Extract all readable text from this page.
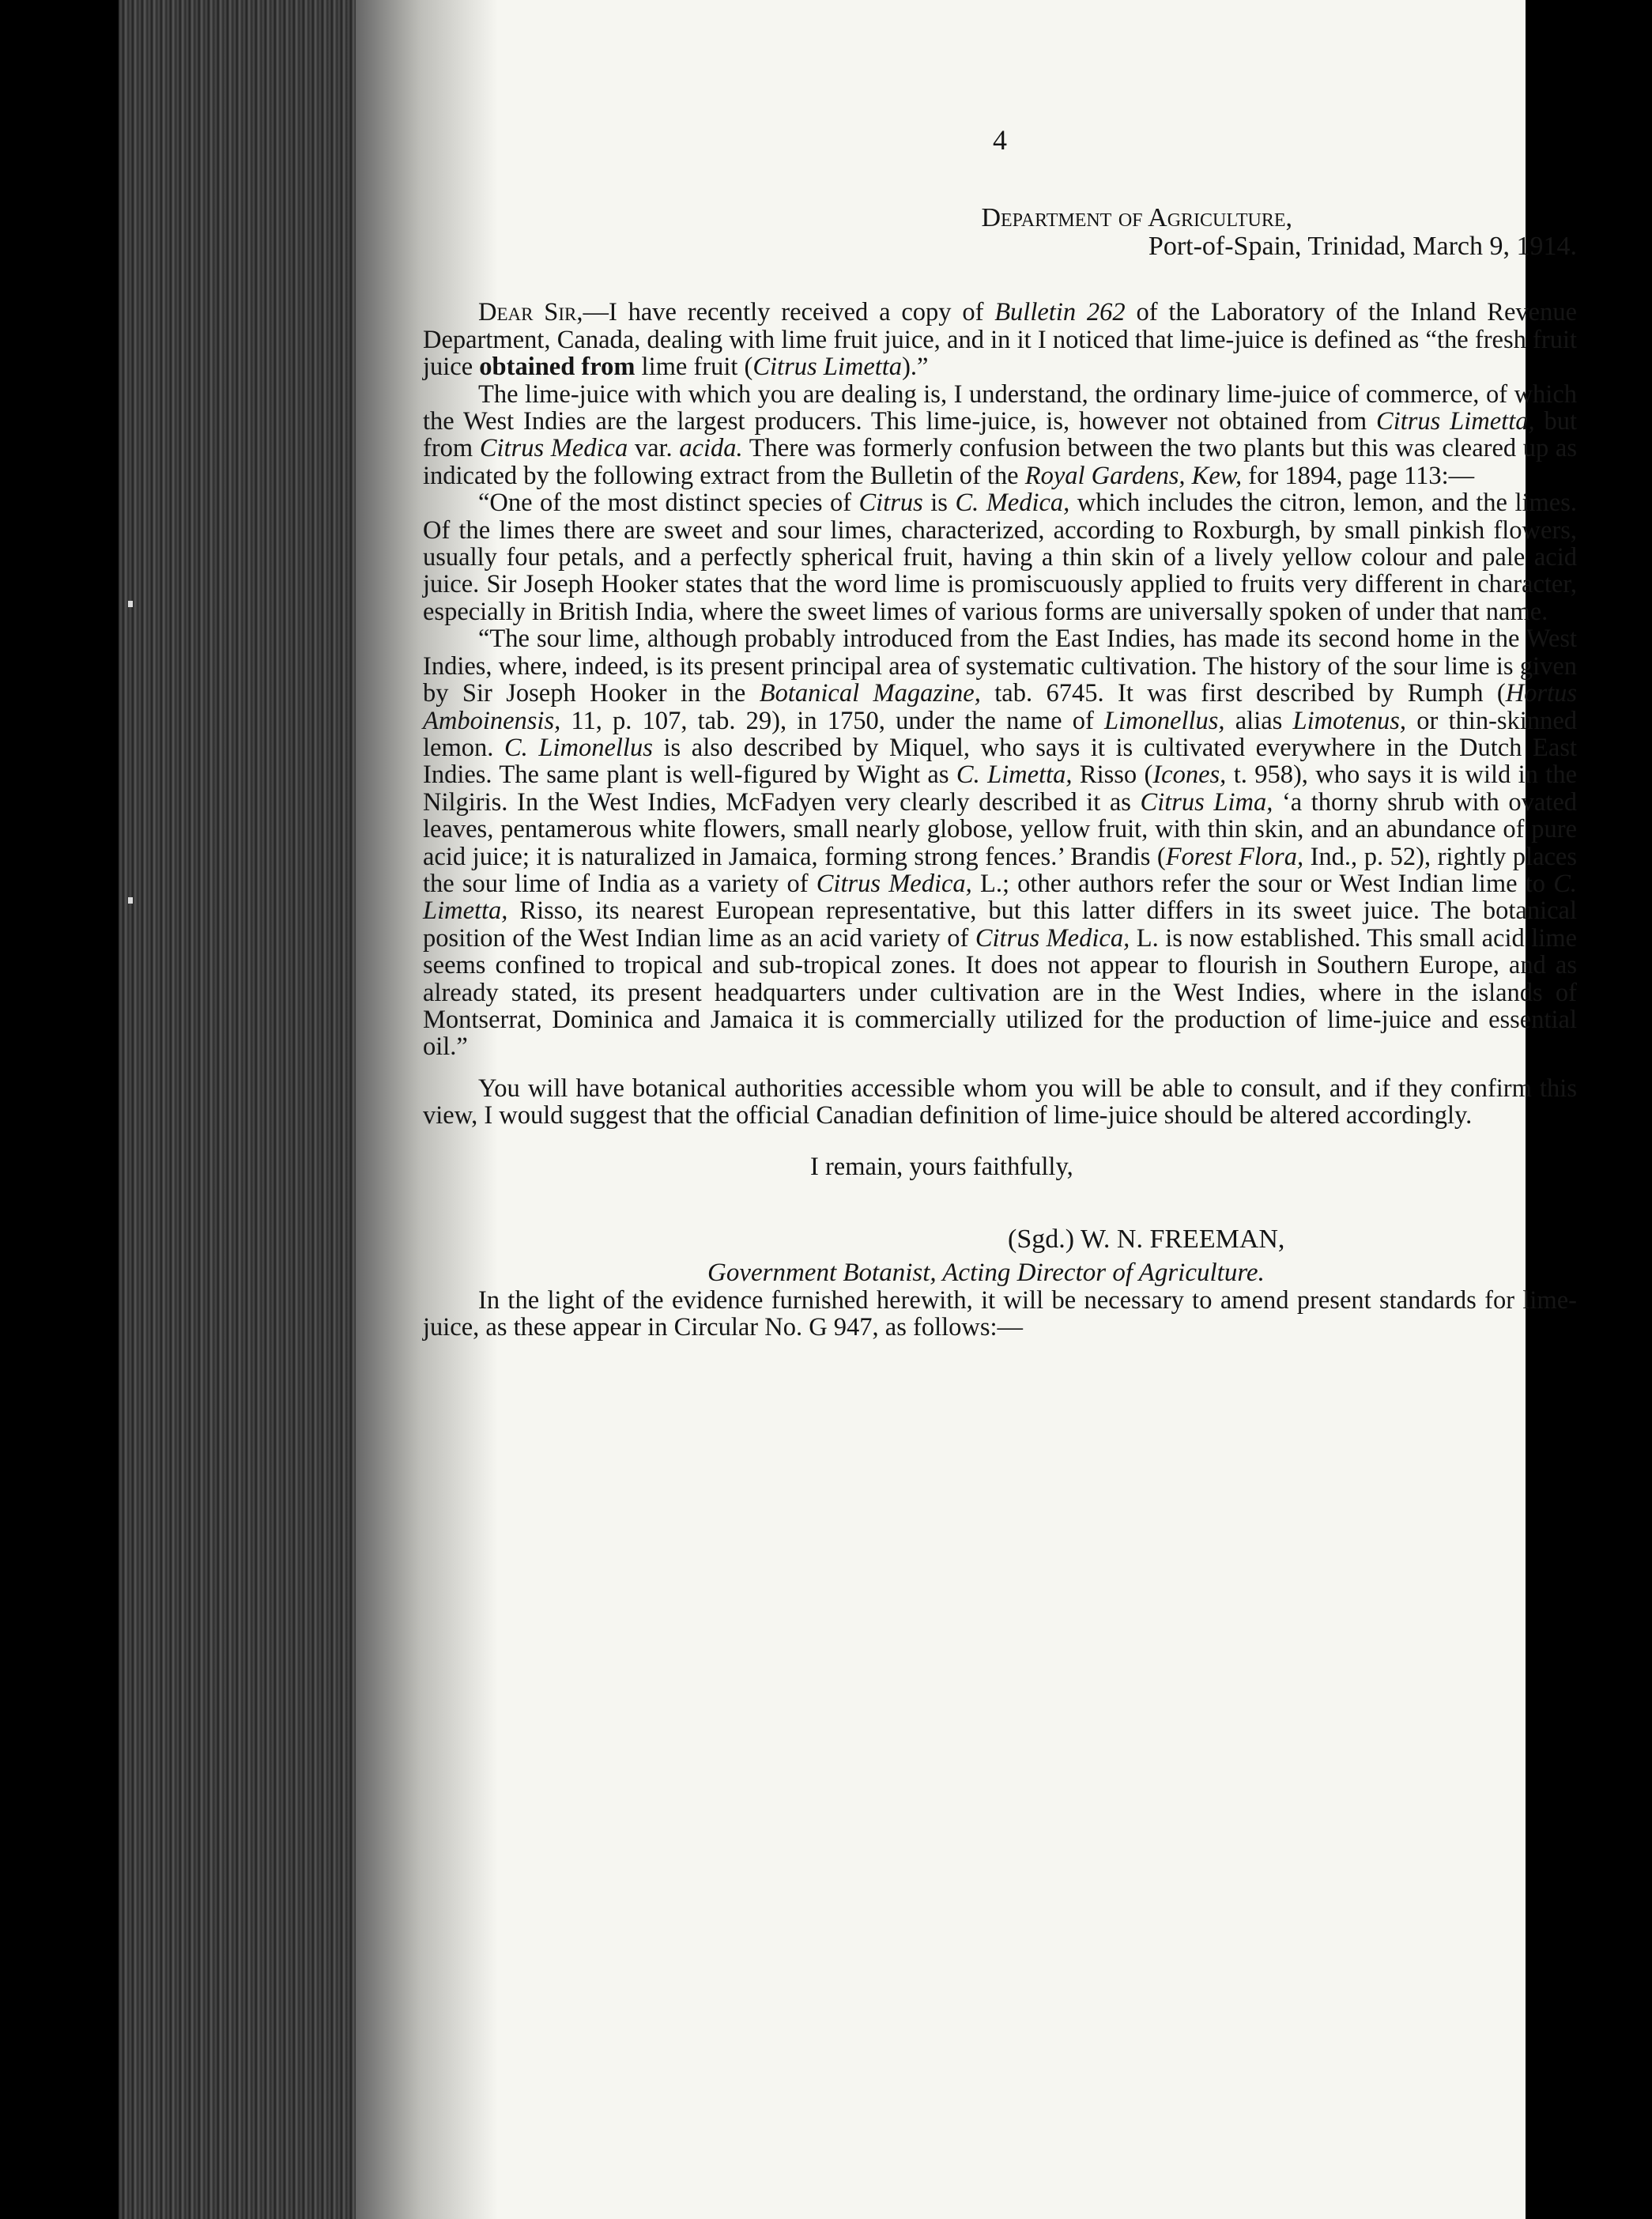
4
Department of Agriculture,
Port-of-Spain, Trinidad, March 9, 1914.

Dear Sir,—I have recently received a copy of Bulletin 262 of the Laboratory of the Inland Revenue Department, Canada, dealing with lime fruit juice, and in it I noticed that lime-juice is defined as “the fresh fruit juice obtained from lime fruit (Citrus Limetta).”

The lime-juice with which you are dealing is, I understand, the ordinary lime-juice of commerce, of which the West Indies are the largest producers. This lime-juice, is, however not obtained from Citrus Limetta, but from Citrus Medica var. acida. There was formerly confusion between the two plants but this was cleared up as indicated by the following extract from the Bulletin of the Royal Gardens, Kew, for 1894, page 113:—

“One of the most distinct species of Citrus is C. Medica, which includes the citron, lemon, and the limes. Of the limes there are sweet and sour limes, characterized, according to Roxburgh, by small pinkish flowers, usually four petals, and a perfectly spherical fruit, having a thin skin of a lively yellow colour and pale acid juice. Sir Joseph Hooker states that the word lime is promiscuously applied to fruits very different in character, especially in British India, where the sweet limes of various forms are universally spoken of under that name.

“The sour lime, although probably introduced from the East Indies, has made its second home in the West Indies, where, indeed, is its present principal area of systematic cultivation. The history of the sour lime is given by Sir Joseph Hooker in the Botanical Magazine, tab. 6745. It was first described by Rumph (Hortus Amboinensis, 11, p. 107, tab. 29), in 1750, under the name of Limonellus, alias Limotenus, or thin-skinned lemon. C. Limonellus is also described by Miquel, who says it is cultivated everywhere in the Dutch East Indies. The same plant is well-figured by Wight as C. Limetta, Risso (Icones, t. 958), who says it is wild in the Nilgiris. In the West Indies, McFadyen very clearly described it as Citrus Lima, ‘a thorny shrub with ovated leaves, pentamerous white flowers, small nearly globose, yellow fruit, with thin skin, and an abundance of pure acid juice; it is naturalized in Jamaica, forming strong fences.’ Brandis (Forest Flora, Ind., p. 52), rightly places the sour lime of India as a variety of Citrus Medica, L.; other authors refer the sour or West Indian lime to C. Limetta, Risso, its nearest European representative, but this latter differs in its sweet juice. The botanical position of the West Indian lime as an acid variety of Citrus Medica, L. is now established. This small acid lime seems confined to tropical and sub-tropical zones. It does not appear to flourish in Southern Europe, and as already stated, its present headquarters under cultivation are in the West Indies, where in the islands of Montserrat, Dominica and Jamaica it is commercially utilized for the production of lime-juice and essential oil.”

You will have botanical authorities accessible whom you will be able to consult, and if they confirm this view, I would suggest that the official Canadian definition of lime-juice should be altered accordingly.

I remain, yours faithfully,
(Sgd.) W. N. FREEMAN,
Government Botanist, Acting Director of Agriculture.

In the light of the evidence furnished herewith, it will be necessary to amend present standards for lime-juice, as these appear in Circular No. G 947, as follows:—
